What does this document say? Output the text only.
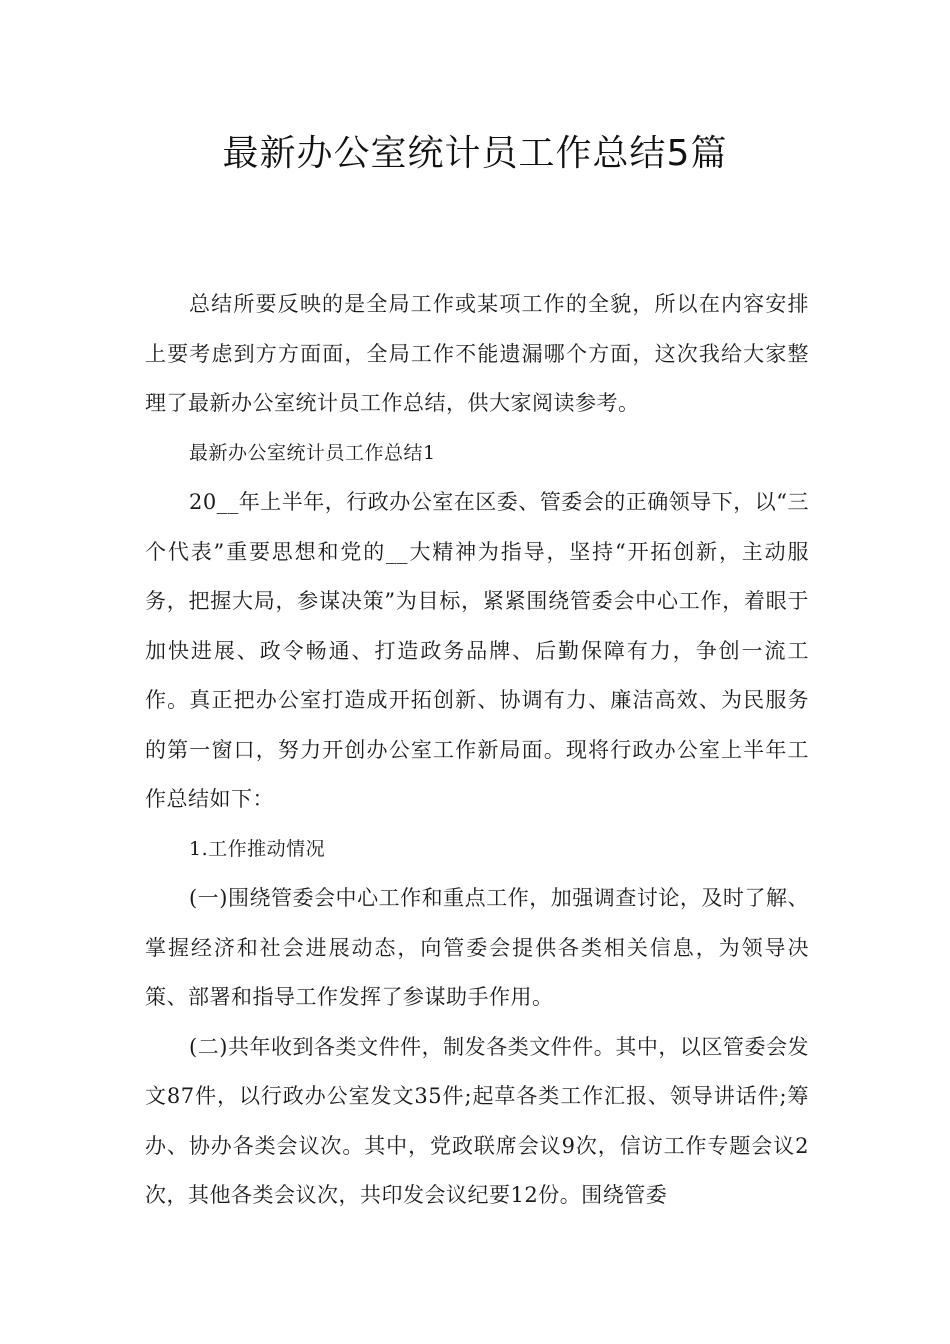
最新办公室统计员工作总结5篇

总结所要反映的是全局工作或某项工作的全貌，所以在内容安排上要考虑到方方面面，全局工作不能遗漏哪个方面，这次我给大家整理了最新办公室统计员工作总结，供大家阅读参考。

最新办公室统计员工作总结1

20__年上半年，行政办公室在区委、管委会的正确领导下，以“三个代表”重要思想和党的__大精神为指导，坚持“开拓创新，主动服务，把握大局，参谋决策”为目标，紧紧围绕管委会中心工作，着眼于加快进展、政令畅通、打造政务品牌、后勤保障有力，争创一流工作。真正把办公室打造成开拓创新、协调有力、廉洁高效、为民服务的第一窗口，努力开创办公室工作新局面。现将行政办公室上半年工作总结如下：

1.工作推动情况

(一)围绕管委会中心工作和重点工作，加强调查讨论，及时了解、掌握经济和社会进展动态，向管委会提供各类相关信息，为领导决策、部署和指导工作发挥了参谋助手作用。

(二)共年收到各类文件件，制发各类文件件。其中，以区管委会发文87件，以行政办公室发文35件;起草各类工作汇报、领导讲话件;筹办、协办各类会议次。其中，党政联席会议9次，信访工作专题会议2次，其他各类会议次，共印发会议纪要12份。围绕管委
